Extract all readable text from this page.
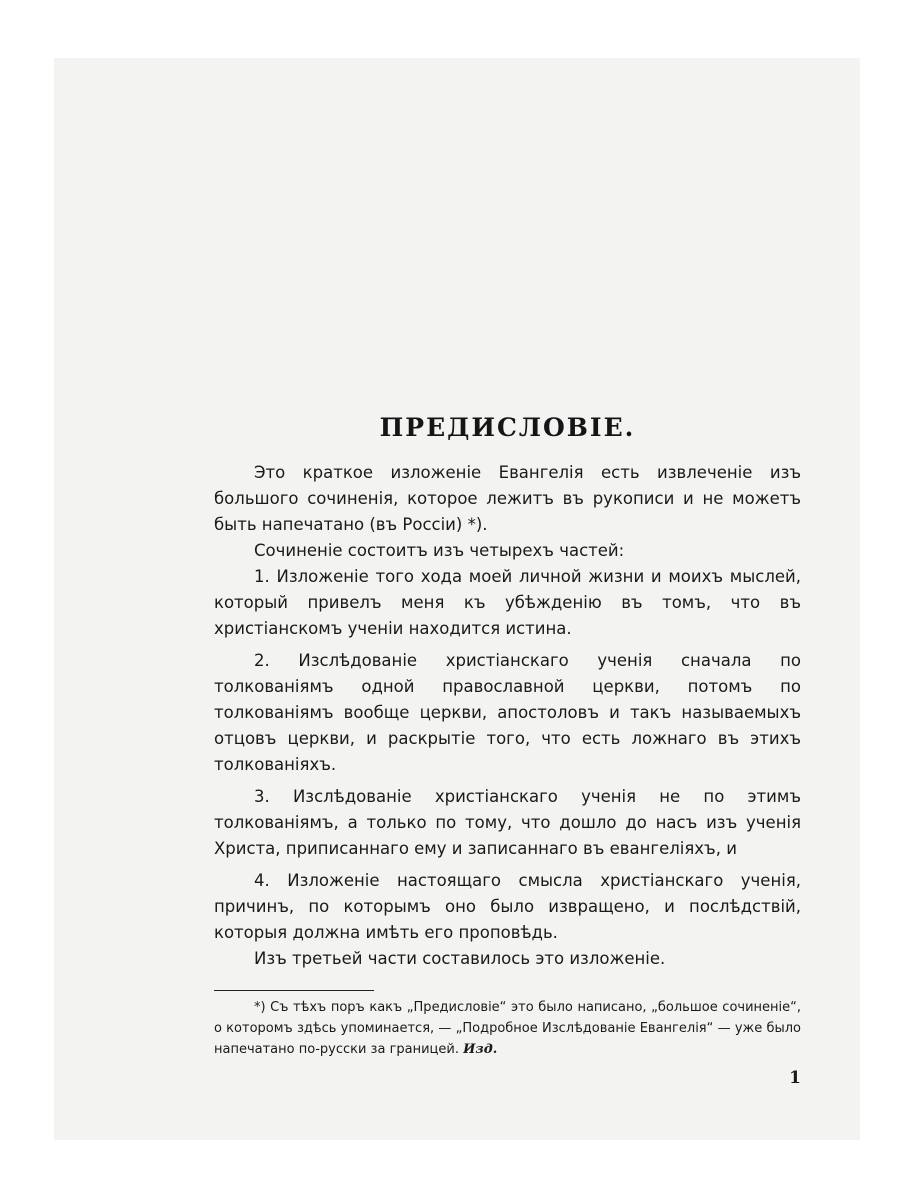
ПРЕДИСЛОВІЕ.

Это краткое изложеніе Евангелія есть извлеченіе изъ большого сочиненія, которое лежитъ въ рукописи и не можетъ быть напечатано (въ Россіи) *).

Сочиненіе состоитъ изъ четырехъ частей:

1. Изложеніе того хода моей личной жизни и моихъ мыслей, который привелъ меня къ убѣжденію въ томъ, что въ христіанскомъ ученіи находится истина.

2. Изслѣдованіе христіанскаго ученія сначала по толкованіямъ одной православной церкви, потомъ по толкованіямъ вообще церкви, апостоловъ и такъ называемыхъ отцовъ церкви, и раскрытіе того, что есть ложнаго въ этихъ толкованіяхъ.

3. Изслѣдованіе христіанскаго ученія не по этимъ толкованіямъ, а только по тому, что дошло до насъ изъ ученія Христа, приписаннаго ему и записаннаго въ евангеліяхъ, и

4. Изложеніе настоящаго смысла христіанскаго ученія, причинъ, по которымъ оно было извращено, и послѣдствій, которыя должна имѣть его проповѣдь.

Изъ третьей части составилось это изложеніе.

*) Съ тѣхъ поръ какъ „Предисловіе“ это было написано, „большое сочиненіе“, о которомъ здѣсь упоминается, — „Подробное Изслѣдованіе Евангелія“ — уже было напечатано по-русски за границей. Изд.

1
